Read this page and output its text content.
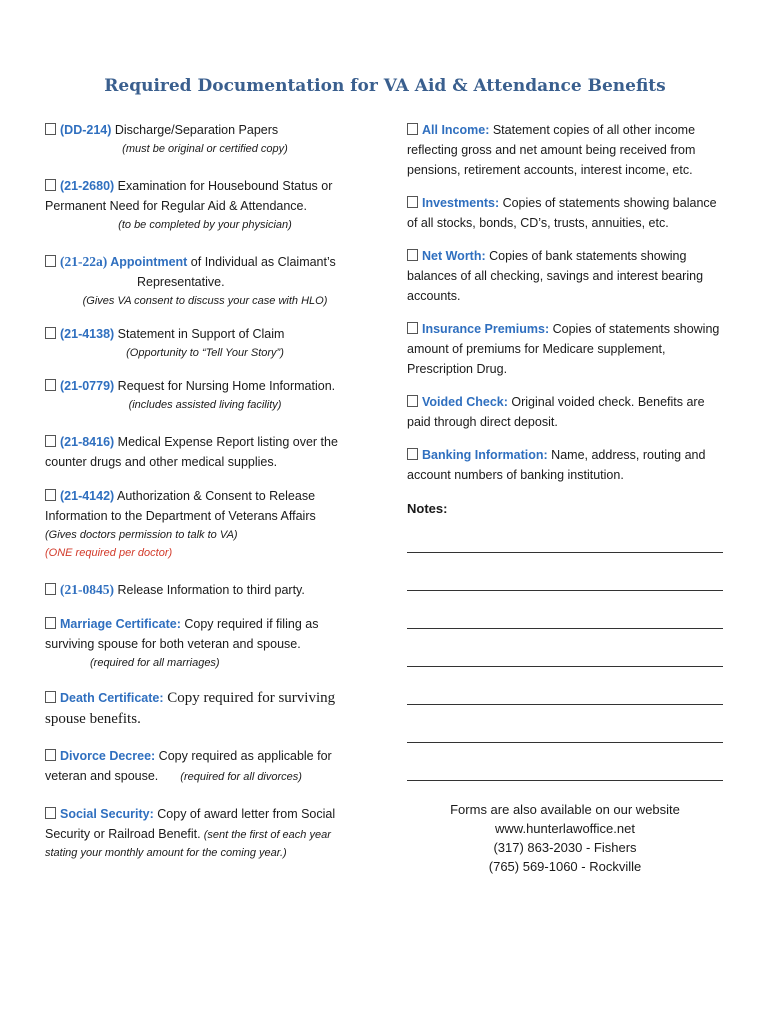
Required Documentation for VA Aid & Attendance Benefits
(DD-214) Discharge/Separation Papers
(must be original or certified copy)
(21-2680) Examination for Housebound Status or
Permanent Need for Regular Aid & Attendance.
(to be completed by your physician)
(21-22a) Appointment of Individual as Claimant’s
Representative.
(Gives VA consent to discuss your case with HLO)
(21-4138) Statement in Support of Claim
(Opportunity to “Tell Your Story”)
(21-0779) Request for Nursing Home Information.
(includes assisted living facility)
(21-8416) Medical Expense Report listing over the
counter drugs and other medical supplies.
(21-4142) Authorization & Consent to Release
Information to the Department of Veterans Affairs
(Gives doctors permission to talk to VA)
(ONE required per doctor)
(21-0845) Release Information to third party.
Marriage Certificate: Copy required if filing as
surviving spouse for both veteran and spouse.
(required for all marriages)
Death Certificate: Copy required for surviving
spouse benefits.
Divorce Decree: Copy required as applicable for
veteran and spouse. (required for all divorces)
Social Security: Copy of award letter from Social
Security or Railroad Benefit. (sent the first of each year
stating your monthly amount for the coming year.)
All Income: Statement copies of all other income
reflecting gross and net amount being received from
pensions, retirement accounts, interest income, etc.
Investments: Copies of statements showing balance
of all stocks, bonds, CD’s, trusts, annuities, etc.
Net Worth: Copies of bank statements showing
balances of all checking, savings and interest bearing
accounts.
Insurance Premiums: Copies of statements showing
amount of premiums for Medicare supplement,
Prescription Drug.
Voided Check: Original voided check. Benefits are
paid through direct deposit.
Banking Information: Name, address, routing and
account numbers of banking institution.
Notes:
Forms are also available on our website
www.hunterlawoffice.net
(317) 863-2030 - Fishers
(765) 569-1060 - Rockville
